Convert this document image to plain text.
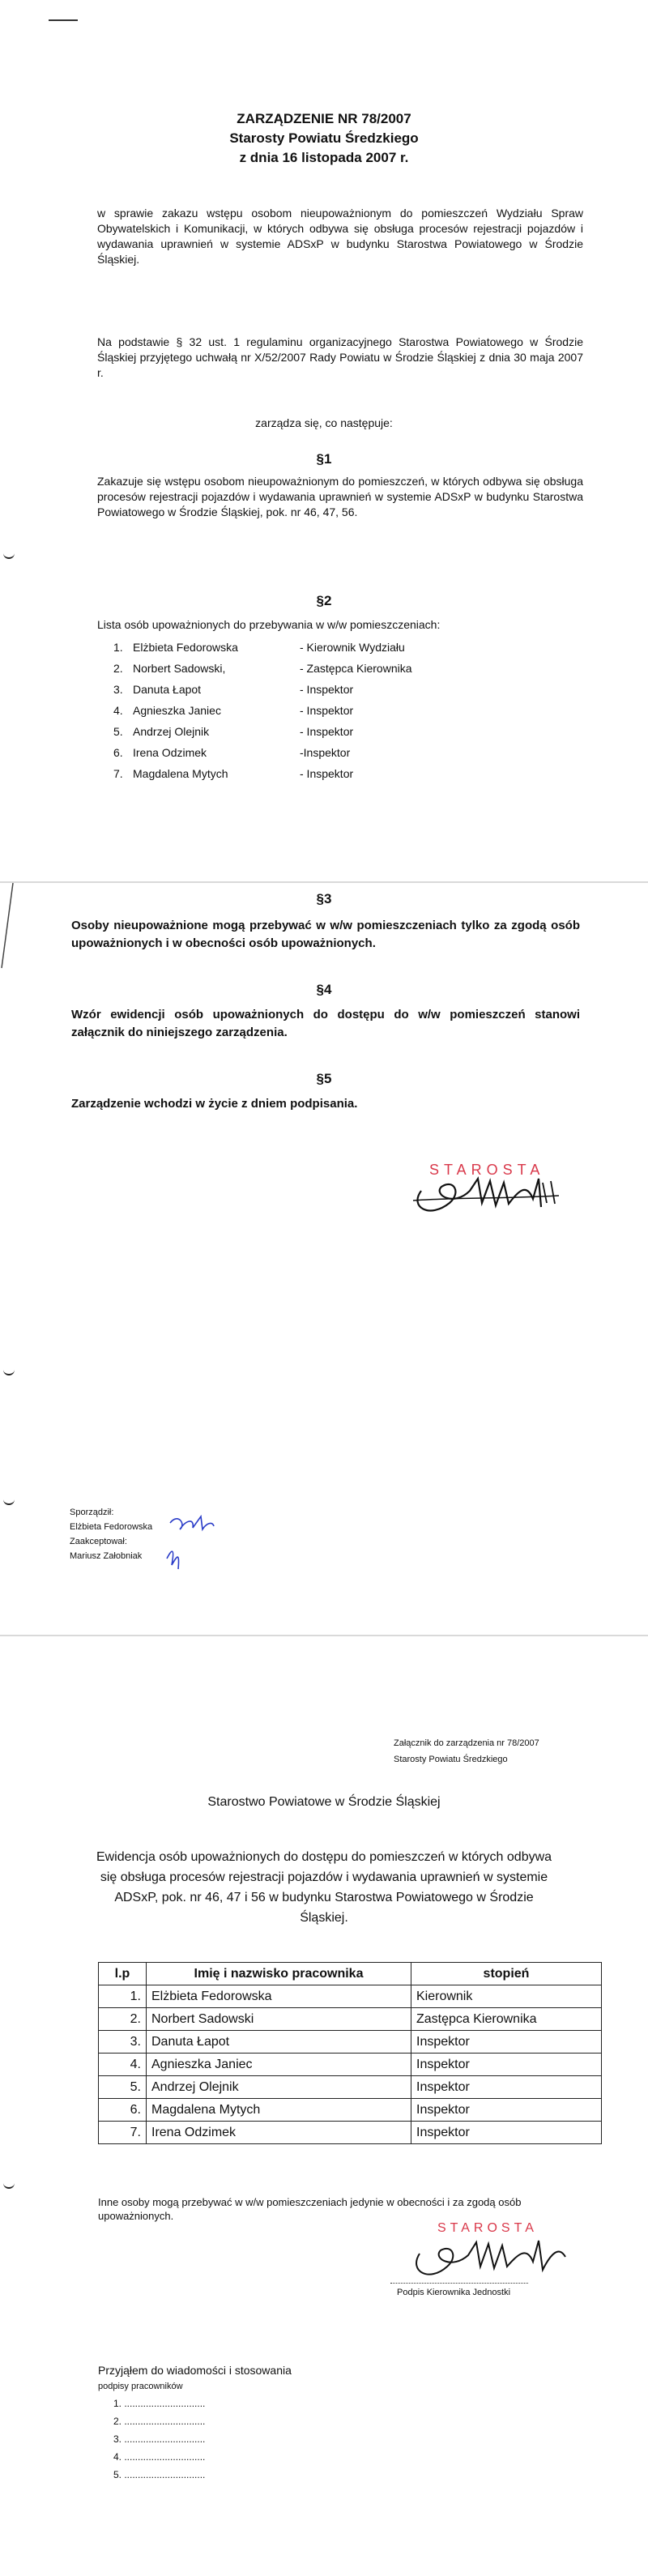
ZARZĄDZENIE NR 78/2007
Starosty Powiatu Średzkiego
z dnia 16 listopada 2007 r.
w sprawie zakazu wstępu osobom nieupoważnionym do pomieszczeń Wydziału Spraw Obywatelskich i Komunikacji, w których odbywa się obsługa procesów rejestracji pojazdów i wydawania uprawnień w systemie ADSxP w budynku Starostwa Powiatowego w Środzie Śląskiej.
Na podstawie § 32 ust. 1 regulaminu organizacyjnego Starostwa Powiatowego w Środzie Śląskiej przyjętego uchwałą nr X/52/2007 Rady Powiatu w Środzie Śląskiej z dnia 30 maja 2007 r.
zarządza się, co następuje:
§1
Zakazuje się wstępu osobom nieupoważnionym do pomieszczeń, w których odbywa się obsługa procesów rejestracji pojazdów i wydawania uprawnień w systemie ADSxP w budynku Starostwa Powiatowego w Środzie Śląskiej, pok. nr 46, 47, 56.
§2
Lista osób upoważnionych do przebywania w w/w pomieszczeniach:
1. Elżbieta Fedorowska	- Kierownik Wydziału
2. Norbert Sadowski,	- Zastępca Kierownika
3. Danuta Łapot	- Inspektor
4. Agnieszka Janiec	- Inspektor
5. Andrzej Olejnik	- Inspektor
6. Irena Odzimek	-Inspektor
7. Magdalena Mytych	- Inspektor
§3
Osoby nieupoważnione mogą przebywać w w/w pomieszczeniach tylko za zgodą osób upoważnionych i w obecności osób upoważnionych.
§4
Wzór ewidencji osób upoważnionych do dostępu do w/w pomieszczeń stanowi załącznik do niniejszego zarządzenia.
§5
Zarządzenie wchodzi w życie z dniem podpisania.
STAROSTA
Sporządził:
Elżbieta Fedorowska
Zaakceptował:
Mariusz Załobniak
Załącznik do zarządzenia nr 78/2007
Starosty Powiatu Średzkiego
Starostwo Powiatowe w Środzie Śląskiej
Ewidencja osób upoważnionych do dostępu do pomieszczeń w których odbywa się obsługa procesów rejestracji pojazdów i wydawania uprawnień w systemie ADSxP, pok. nr 46, 47 i 56 w budynku Starostwa Powiatowego w Środzie Śląskiej.
l.p	Imię i nazwisko pracownika	stopień
1.	Elżbieta Fedorowska	Kierownik
2.	Norbert Sadowski	Zastępca Kierownika
3.	Danuta Łapot	Inspektor
4.	Agnieszka Janiec	Inspektor
5.	Andrzej Olejnik	Inspektor
6.	Magdalena Mytych	Inspektor
7.	Irena Odzimek	Inspektor
Inne osoby mogą przebywać w w/w pomieszczeniach jedynie w obecności i za zgodą osób upoważnionych.
STAROSTA
Podpis Kierownika Jednostki
Przyjąłem do wiadomości i stosowania
podpisy pracowników
1. ..............................
2. ..............................
3. ..............................
4. ..............................
5. ..............................
